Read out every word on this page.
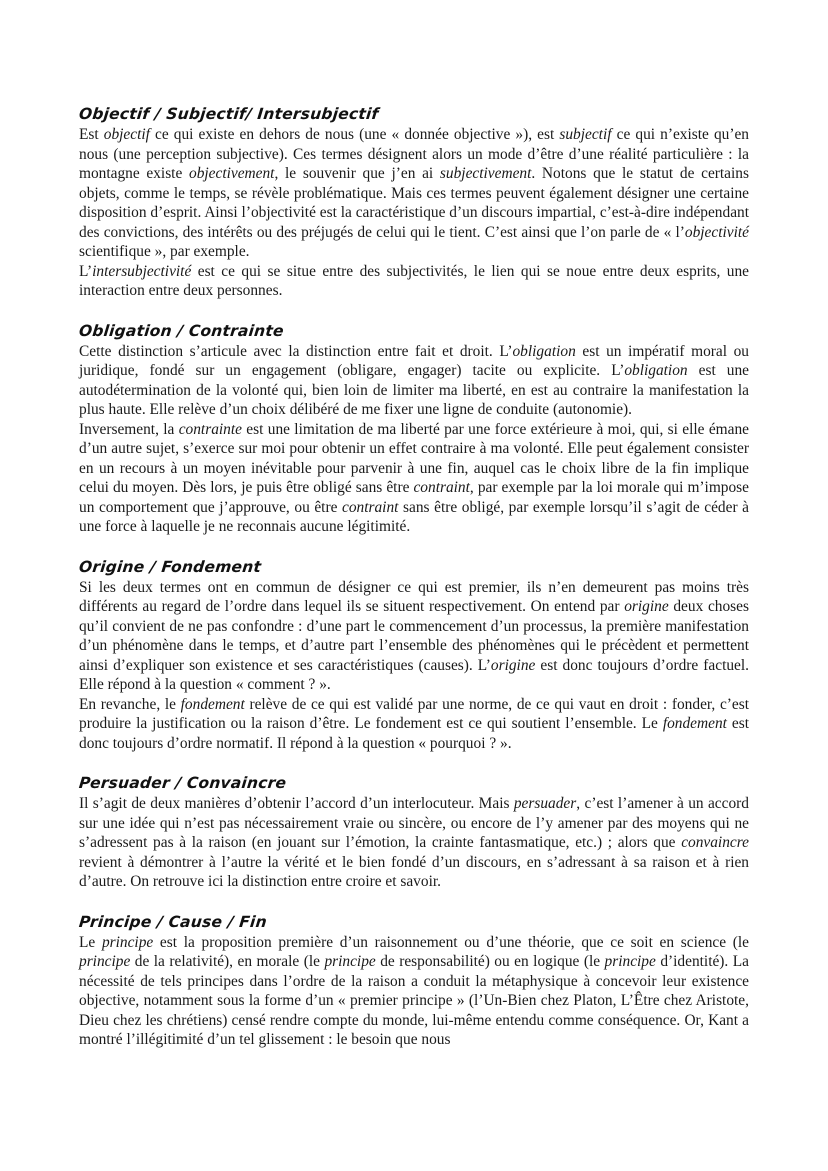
Objectif / Subjectif/ Intersubjectif

Est objectif ce qui existe en dehors de nous (une « donnée objective »), est subjectif ce qui n’existe qu’en nous (une perception subjective). Ces termes désignent alors un mode d’être d’une réalité particulière : la montagne existe objectivement, le souvenir que j’en ai subjectivement. Notons que le statut de certains objets, comme le temps, se révèle problématique. Mais ces termes peuvent également désigner une certaine disposition d’esprit. Ainsi l’objectivité est la caractéristique d’un discours impartial, c’est-à-dire indépendant des convictions, des intérêts ou des préjugés de celui qui le tient. C’est ainsi que l’on parle de « l’objectivité scientifique », par exemple.

L’intersubjectivité est ce qui se situe entre des subjectivités, le lien qui se noue entre deux esprits, une interaction entre deux personnes.

Obligation / Contrainte

Cette distinction s’articule avec la distinction entre fait et droit. L’obligation est un impératif moral ou juridique, fondé sur un engagement (obligare, engager) tacite ou explicite. L’obligation est une autodétermination de la volonté qui, bien loin de limiter ma liberté, en est au contraire la manifestation la plus haute. Elle relève d’un choix délibéré de me fixer une ligne de conduite (autonomie).

Inversement, la contrainte est une limitation de ma liberté par une force extérieure à moi, qui, si elle émane d’un autre sujet, s’exerce sur moi pour obtenir un effet contraire à ma volonté. Elle peut également consister en un recours à un moyen inévitable pour parvenir à une fin, auquel cas le choix libre de la fin implique celui du moyen. Dès lors, je puis être obligé sans être contraint, par exemple par la loi morale qui m’impose un comportement que j’approuve, ou être contraint sans être obligé, par exemple lorsqu’il s’agit de céder à une force à laquelle je ne reconnais aucune légitimité.

Origine / Fondement

Si les deux termes ont en commun de désigner ce qui est premier, ils n’en demeurent pas moins très différents au regard de l’ordre dans lequel ils se situent respectivement. On entend par origine deux choses qu’il convient de ne pas confondre : d’une part le commencement d’un processus, la première manifestation d’un phénomène dans le temps, et d’autre part l’ensemble des phénomènes qui le précèdent et permettent ainsi d’expliquer son existence et ses caractéristiques (causes). L’origine est donc toujours d’ordre factuel. Elle répond à la question « comment ? ».

En revanche, le fondement relève de ce qui est validé par une norme, de ce qui vaut en droit : fonder, c’est produire la justification ou la raison d’être. Le fondement est ce qui soutient l’ensemble. Le fondement est donc toujours d’ordre normatif. Il répond à la question « pourquoi ? ».

Persuader / Convaincre

Il s’agit de deux manières d’obtenir l’accord d’un interlocuteur. Mais persuader, c’est l’amener à un accord sur une idée qui n’est pas nécessairement vraie ou sincère, ou encore de l’y amener par des moyens qui ne s’adressent pas à la raison (en jouant sur l’émotion, la crainte fantasmatique, etc.) ; alors que convaincre revient à démontrer à l’autre la vérité et le bien fondé d’un discours, en s’adressant à sa raison et à rien d’autre. On retrouve ici la distinction entre croire et savoir.

Principe / Cause / Fin

Le principe est la proposition première d’un raisonnement ou d’une théorie, que ce soit en science (le principe de la relativité), en morale (le principe de responsabilité) ou en logique (le principe d’identité). La nécessité de tels principes dans l’ordre de la raison a conduit la métaphysique à concevoir leur existence objective, notamment sous la forme d’un « premier principe » (l’Un-Bien chez Platon, L’Être chez Aristote, Dieu chez les chrétiens) censé rendre compte du monde, lui-même entendu comme conséquence. Or, Kant a montré l’illégitimité d’un tel glissement : le besoin que nous
